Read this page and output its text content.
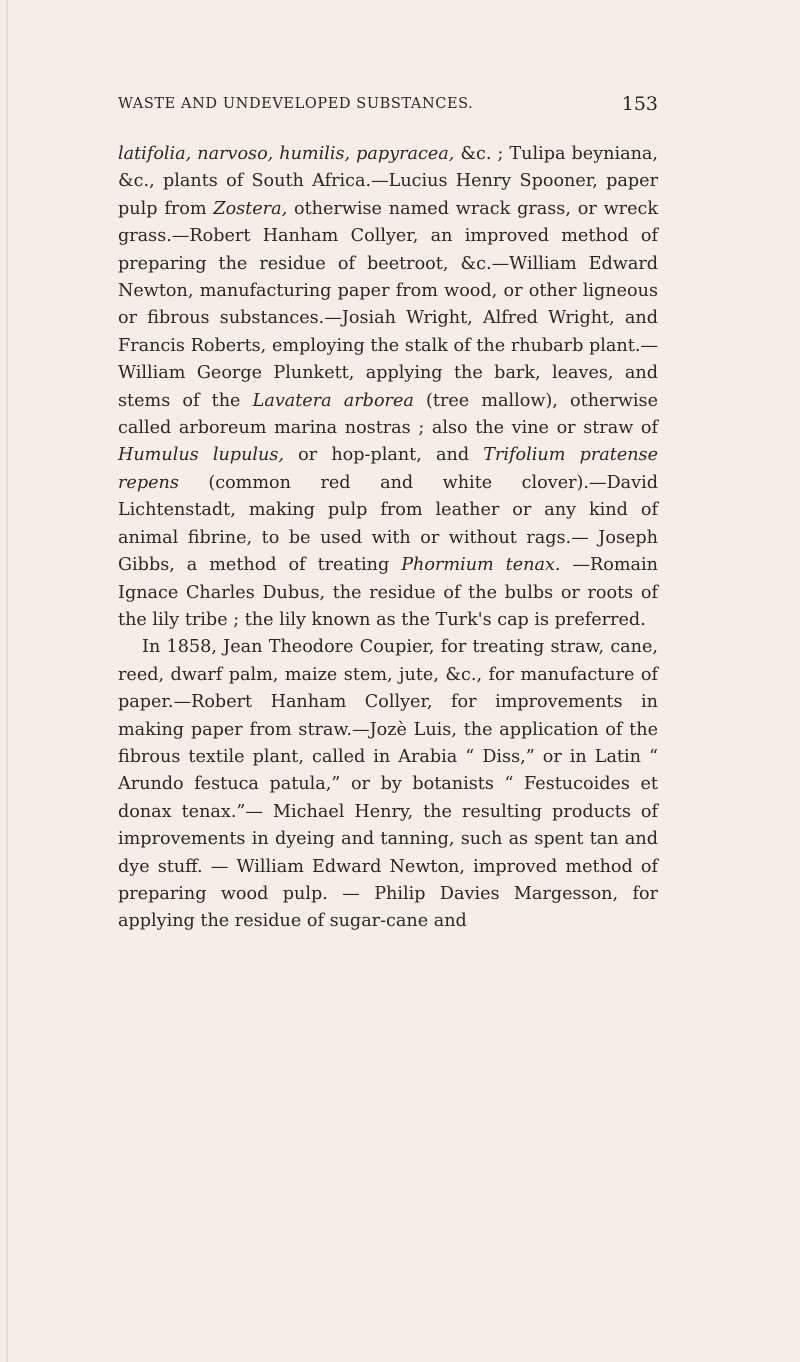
WASTE AND UNDEVELOPED SUBSTANCES.	153

latifolia, narvoso, humilis, papyracea, &c. ; Tulipa beyniana, &c., plants of South Africa.—Lucius Henry Spooner, paper pulp from Zostera, otherwise named wrack grass, or wreck grass.—Robert Hanham Collyer, an improved method of preparing the residue of beetroot, &c.—William Edward Newton, manufacturing paper from wood, or other ligneous or fibrous substances.—Josiah Wright, Alfred Wright, and Francis Roberts, employing the stalk of the rhubarb plant.— William George Plunkett, applying the bark, leaves, and stems of the Lavatera arborea (tree mallow), otherwise called arboreum marina nostras ; also the vine or straw of Humulus lupulus, or hop-plant, and Trifolium pratense repens (common red and white clover).—David Lichtenstadt, making pulp from leather or any kind of animal fibrine, to be used with or without rags.— Joseph Gibbs, a method of treating Phormium tenax. —Romain Ignace Charles Dubus, the residue of the bulbs or roots of the lily tribe ; the lily known as the Turk's cap is preferred.

In 1858, Jean Theodore Coupier, for treating straw, cane, reed, dwarf palm, maize stem, jute, &c., for manufacture of paper.—Robert Hanham Collyer, for improvements in making paper from straw.—Jozè Luis, the application of the fibrous textile plant, called in Arabia “ Diss,” or in Latin “ Arundo festuca patula,” or by botanists “ Festucoides et donax tenax.”— Michael Henry, the resulting products of improvements in dyeing and tanning, such as spent tan and dye stuff. — William Edward Newton, improved method of preparing wood pulp. — Philip Davies Margesson, for applying the residue of sugar-cane and
